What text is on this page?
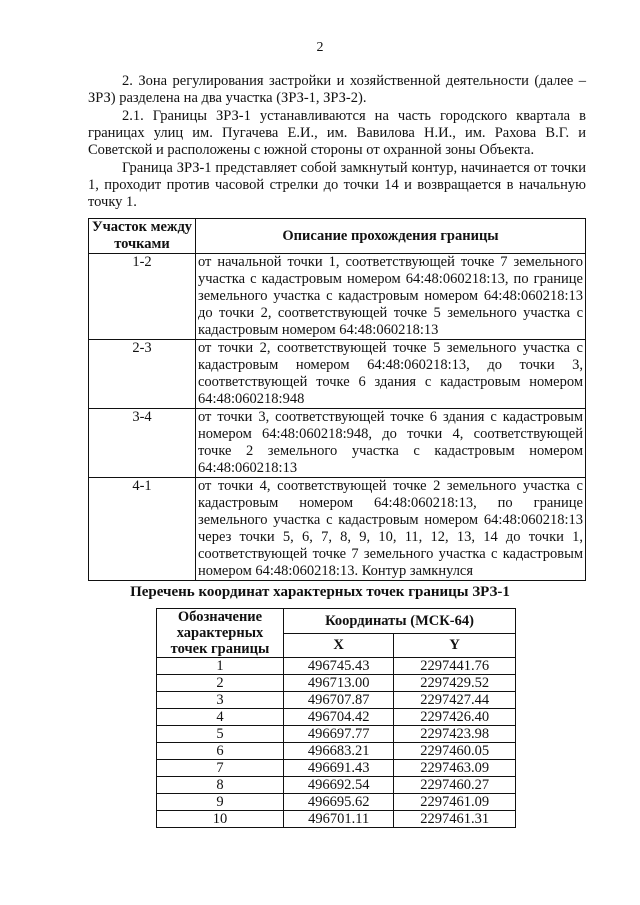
2

2. Зона регулирования застройки и хозяйственной деятельности (далее – ЗРЗ) разделена на два участка (ЗРЗ-1, ЗРЗ-2).

2.1. Границы ЗРЗ-1 устанавливаются на часть городского квартала в границах улиц им. Пугачева Е.И., им. Вавилова Н.И., им. Рахова В.Г. и Советской и расположены с южной стороны от охранной зоны Объекта.

Граница ЗРЗ-1 представляет собой замкнутый контур, начинается от точки 1, проходит против часовой стрелки до точки 14 и возвращается в начальную точку 1.

Участок между точками	Описание прохождения границы
1-2	от начальной точки 1, соответствующей точке 7 земельного участка с кадастровым номером 64:48:060218:13, по границе земельного участка с кадастровым номером 64:48:060218:13 до точки 2, соответствующей точке 5 земельного участка с кадастровым номером 64:48:060218:13
2-3	от точки 2, соответствующей точке 5 земельного участка с кадастровым номером 64:48:060218:13, до точки 3, соответствующей точке 6 здания с кадастровым номером 64:48:060218:948
3-4	от точки 3, соответствующей точке 6 здания с кадастровым номером 64:48:060218:948, до точки 4, соответствующей точке 2 земельного участка с кадастровым номером 64:48:060218:13
4-1	от точки 4, соответствующей точке 2 земельного участка с кадастровым номером 64:48:060218:13, по границе земельного участка с кадастровым номером 64:48:060218:13 через точки 5, 6, 7, 8, 9, 10, 11, 12, 13, 14 до точки 1, соответствующей точке 7 земельного участка с кадастровым номером 64:48:060218:13. Контур замкнулся
Перечень координат характерных точек границы ЗРЗ-1
Обозначение характерных точек границы	Координаты (МСК-64)	
	X	Y
1	496745.43	2297441.76
2	496713.00	2297429.52
3	496707.87	2297427.44
4	496704.42	2297426.40
5	496697.77	2297423.98
6	496683.21	2297460.05
7	496691.43	2297463.09
8	496692.54	2297460.27
9	496695.62	2297461.09
10	496701.11	2297461.31
